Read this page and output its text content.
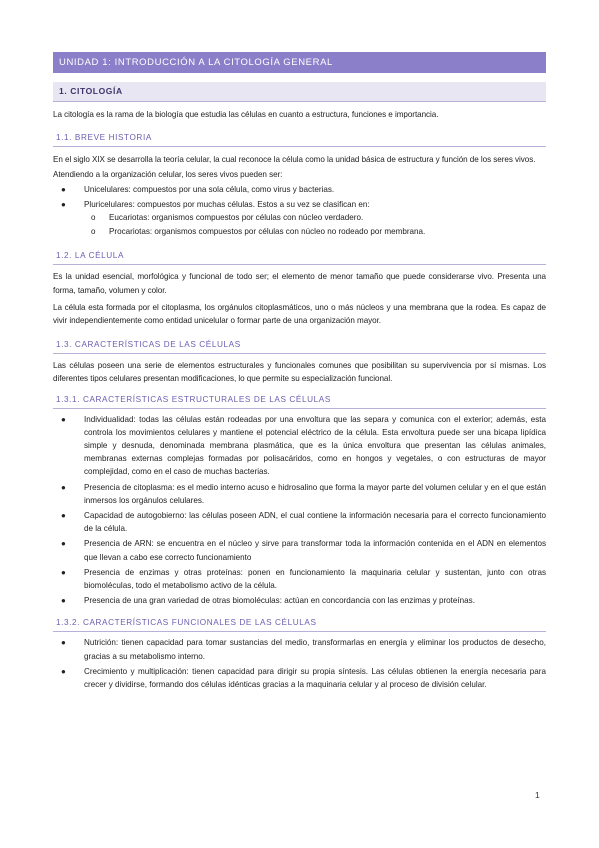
UNIDAD 1: INTRODUCCIÓN A LA CITOLOGÍA GENERAL
1. CITOLOGÍA

La citología es la rama de la biología que estudia las células en cuanto a estructura, funciones e importancia.

1.1. BREVE HISTORIA

En el siglo XIX se desarrolla la teoría celular, la cual reconoce la célula como la unidad básica de estructura y función de los seres vivos.

Atendiendo a la organización celular, los seres vivos pueden ser:

● Unicelulares: compuestos por una sola célula, como virus y bacterias.
● Pluricelulares: compuestos por muchas células. Estos a su vez se clasifican en:
o Eucariotas: organismos compuestos por células con núcleo verdadero.
o Procariotas: organismos compuestos por células con núcleo no rodeado por membrana.
1.2. LA CÉLULA

Es la unidad esencial, morfológica y funcional de todo ser; el elemento de menor tamaño que puede considerarse vivo. Presenta una forma, tamaño, volumen y color.

La célula esta formada por el citoplasma, los orgánulos citoplasmáticos, uno o más núcleos y una membrana que la rodea. Es capaz de vivir independientemente como entidad unicelular o formar parte de una organización mayor.

1.3. CARACTERÍSTICAS DE LAS CÉLULAS

Las células poseen una serie de elementos estructurales y funcionales comunes que posibilitan su supervivencia por sí mismas. Los diferentes tipos celulares presentan modificaciones, lo que permite su especialización funcional.

1.3.1. CARACTERÍSTICAS ESTRUCTURALES DE LAS CÉLULAS
● Individualidad: todas las células están rodeadas por una envoltura que las separa y comunica con el exterior; además, esta controla los movimientos celulares y mantiene el potencial eléctrico de la célula. Esta envoltura puede ser una bicapa lipídica simple y desnuda, denominada membrana plasmática, que es la única envoltura que presentan las células animales, membranas externas complejas formadas por polisacáridos, como en hongos y vegetales, o con estructuras de mayor complejidad, como en el caso de muchas bacterias.
● Presencia de citoplasma: es el medio interno acuso e hidrosalino que forma la mayor parte del volumen celular y en el que están inmersos los orgánulos celulares.
● Capacidad de autogobierno: las células poseen ADN, el cual contiene la información necesaria para el correcto funcionamiento de la célula.
● Presencia de ARN: se encuentra en el núcleo y sirve para transformar toda la información contenida en el ADN en elementos que llevan a cabo ese correcto funcionamiento
● Presencia de enzimas y otras proteínas: ponen en funcionamiento la maquinaria celular y sustentan, junto con otras biomoléculas, todo el metabolismo activo de la célula.
● Presencia de una gran variedad de otras biomoléculas: actúan en concordancia con las enzimas y proteínas.
1.3.2. CARACTERÍSTICAS FUNCIONALES DE LAS CÉLULAS
● Nutrición: tienen capacidad para tomar sustancias del medio, transformarlas en energía y eliminar los productos de desecho, gracias a su metabolismo interno.
● Crecimiento y multiplicación: tienen capacidad para dirigir su propia síntesis. Las células obtienen la energía necesaria para crecer y dividirse, formando dos células idénticas gracias a la maquinaria celular y al proceso de división celular.
1
